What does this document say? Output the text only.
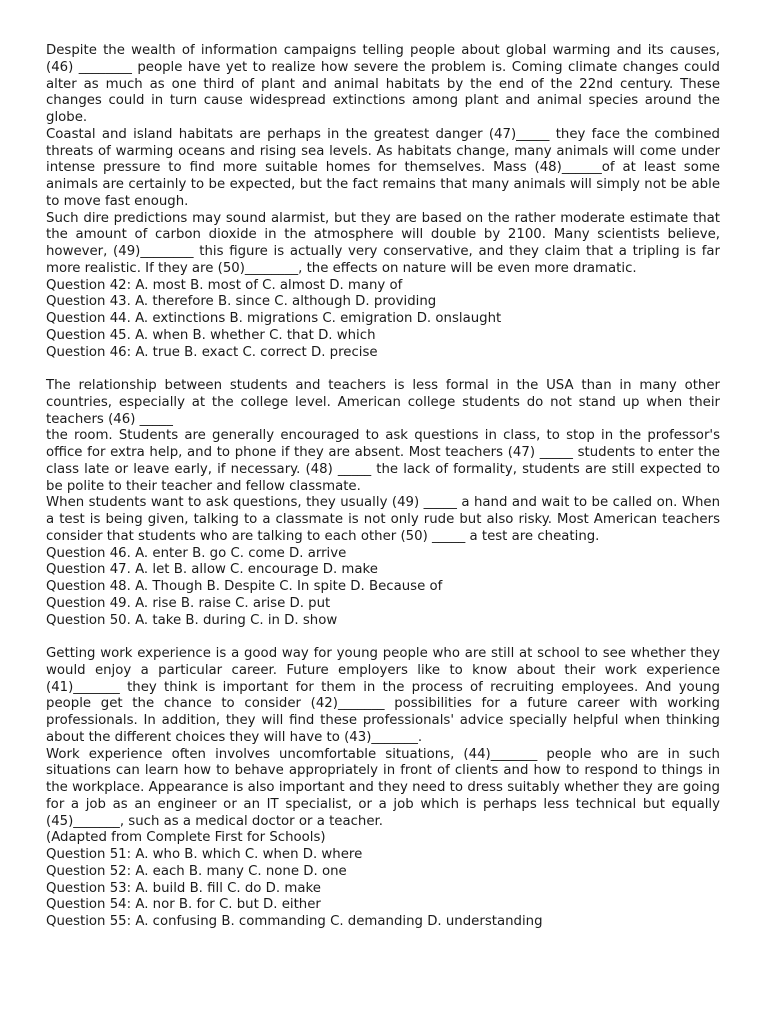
Despite the wealth of information campaigns telling people about global warming and its causes, (46) ________ people have yet to realize how severe the problem is. Coming climate changes could alter as much as one third of plant and animal habitats by the end of the 22nd century. These changes could in turn cause widespread extinctions among plant and animal species around the globe.

Coastal and island habitats are perhaps in the greatest danger (47)_____ they face the combined threats of warming oceans and rising sea levels. As habitats change, many animals will come under intense pressure to find more suitable homes for themselves. Mass (48)______of at least some animals are certainly to be expected, but the fact remains that many animals will simply not be able to move fast enough.

Such dire predictions may sound alarmist, but they are based on the rather moderate estimate that the amount of carbon dioxide in the atmosphere will double by 2100. Many scientists believe, however, (49)________ this figure is actually very conservative, and they claim that a tripling is far more realistic. If they are (50)________, the effects on nature will be even more dramatic.

Question 42: A. most B. most of C. almost D. many of

Question 43. A. therefore B. since C. although D. providing

Question 44. A. extinctions B. migrations C. emigration D. onslaught

Question 45. A. when B. whether C. that D. which

Question 46: A. true B. exact C. correct D. precise

The relationship between students and teachers is less formal in the USA than in many other countries, especially at the college level. American college students do not stand up when their teachers (46) _____

the room. Students are generally encouraged to ask questions in class, to stop in the professor's office for extra help, and to phone if they are absent. Most teachers (47) _____ students to enter the class late or leave early, if necessary. (48) _____ the lack of formality, students are still expected to be polite to their teacher and fellow classmate.

When students want to ask questions, they usually (49) _____ a hand and wait to be called on. When a test is being given, talking to a classmate is not only rude but also risky. Most American teachers consider that students who are talking to each other (50) _____ a test are cheating.

Question 46. A. enter B. go C. come D. arrive

Question 47. A. let B. allow C. encourage D. make

Question 48. A. Though B. Despite C. In spite D. Because of

Question 49. A. rise B. raise C. arise D. put

Question 50. A. take B. during C. in D. show

Getting work experience is a good way for young people who are still at school to see whether they would enjoy a particular career. Future employers like to know about their work experience (41)_______ they think is important for them in the process of recruiting employees. And young people get the chance to consider (42)_______ possibilities for a future career with working professionals. In addition, they will find these professionals' advice specially helpful when thinking about the different choices they will have to (43)_______.

Work experience often involves uncomfortable situations, (44)_______ people who are in such situations can learn how to behave appropriately in front of clients and how to respond to things in the workplace. Appearance is also important and they need to dress suitably whether they are going for a job as an engineer or an IT specialist, or a job which is perhaps less technical but equally (45)_______, such as a medical doctor or a teacher.

(Adapted from Complete First for Schools)

Question 51: A. who B. which C. when D. where

Question 52: A. each B. many C. none D. one

Question 53: A. build B. fill C. do D. make

Question 54: A. nor B. for C. but D. either

Question 55: A. confusing B. commanding C. demanding D. understanding
